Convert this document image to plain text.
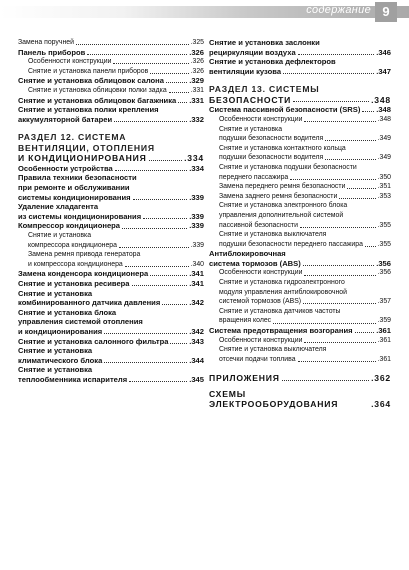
содержание 9
Замена поручней	.325
Панель приборов	.326
Особенности конструкции	.326
Снятие и установка панели приборов	.326
Снятие и установка облицовок салона	.329
Снятие и установка облицовки полки задка	.331
Снятие и установка облицовок багажника .331
Снятие и установка полки крепления
аккумуляторной батареи	.332
РАЗДЕЛ 12. СИСТЕМА
ВЕНТИЛЯЦИИ, ОТОПЛЕНИЯ
И КОНДИЦИОНИРОВАНИЯ	.334
Особенности устройства	.334
Правила техники безопасности
при ремонте и обслуживании
системы кондиционирования	.339
Удаление хладагента
из системы кондиционирования	.339
Компрессор кондиционера	.339
Снятие и установка
компрессора кондиционера	.339
Замена ремня привода генератора
и компрессора кондиционера	.340
Замена конденсора кондиционера	.341
Снятие и установка ресивера	.341
Снятие и установка
комбинированного датчика давления	.342
Снятие и установка блока
управления системой отопления
и кондиционирования	.342
Снятие и установка салонного фильтра	.343
Снятие и установка
климатического блока	.344
Снятие и установка
теплообменника испарителя	.345
Снятие и установка заслонки
рециркуляции воздуха	.346
Снятие и установка дефлекторов
вентиляции кузова	.347
РАЗДЕЛ 13. СИСТЕМЫ
БЕЗОПАСНОСТИ	.348
Система пассивной безопасности (SRS) .348
Особенности конструкции	.348
Снятие и установка
подушки безопасности водителя	.349
Снятие и установка контактного кольца
подушки безопасности водителя	.349
Снятие и установка подушки безопасности
переднего пассажира	.350
Замена переднего ремня безопасности	.351
Замена заднего ремня безопасности	.353
Снятие и установка электронного блока
управления дополнительной системой
пассивной безопасности	.355
Снятие и установка выключателя
подушки безопасности переднего пассажира .355
Антиблокировочная
система тормозов (ABS)	.356
Особенности конструкции	.356
Снятие и установка гидроэлектронного
модуля управления антиблокировочной
системой тормозов (ABS)	.357
Снятие и установка датчиков частоты
вращения колес	.359
Система предотвращения возгорания	.361
Особенности конструкции	.361
Снятие и установка выключателя
отсечки подачи топлива	.361
ПРИЛОЖЕНИЯ	.362
СХЕМЫ ЭЛЕКТРООБОРУДОВАНИЯ	.364
